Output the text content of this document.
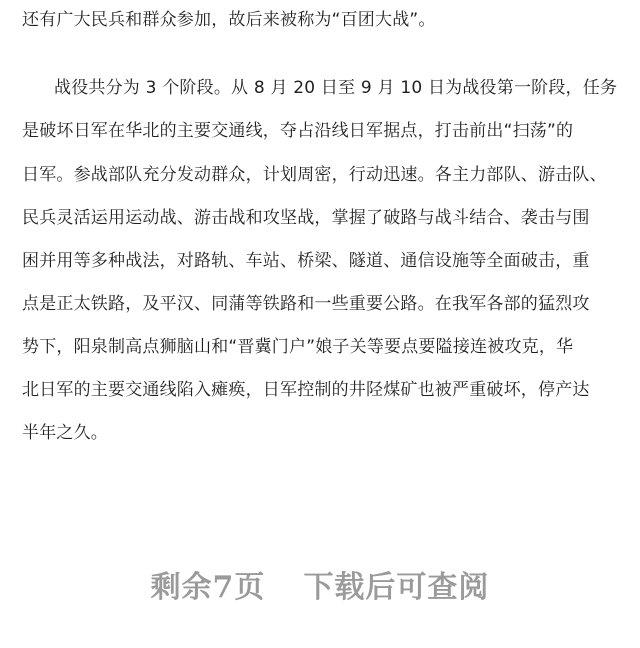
还有广大民兵和群众参加，故后来被称为“百团大战”。
战役共分为 3 个阶段。从 8 月 20 日至 9 月 10 日为战役第一阶段，任务
是破坏日军在华北的主要交通线，夺占沿线日军据点，打击前出“扫荡”的
日军。参战部队充分发动群众，计划周密，行动迅速。各主力部队、游击队、
民兵灵活运用运动战、游击战和攻坚战，掌握了破路与战斗结合、袭击与围
困并用等多种战法，对路轨、车站、桥梁、隧道、通信设施等全面破击，重
点是正太铁路，及平汉、同蒲等铁路和一些重要公路。在我军各部的猛烈攻
势下，阳泉制高点狮脑山和“晋冀门户”娘子关等要点要隘接连被攻克，华
北日军的主要交通线陷入瘫痪，日军控制的井陉煤矿也被严重破坏，停产达
半年之久。
剩余7页 下载后可查阅
